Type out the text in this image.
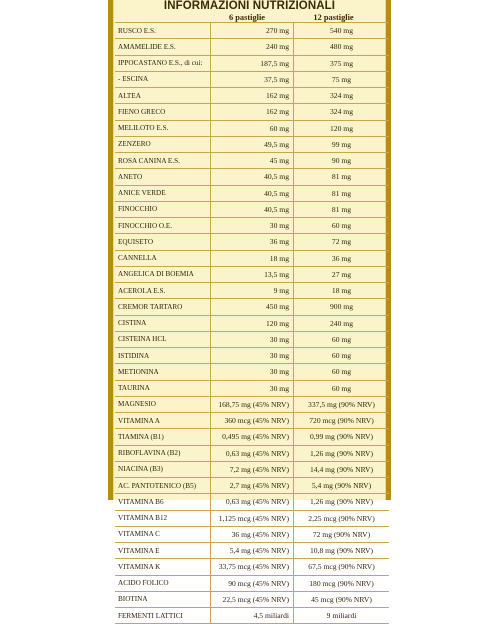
INFORMAZIONI NUTRIZIONALI
6 pastiglie	12 pastiglie
RUSCO E.S.	270 mg	540 mg
AMAMELIDE E.S.	240 mg	480 mg
IPPOCASTANO E.S., di cui:	187,5 mg	375 mg
- ESCINA	37,5 mg	75 mg
ALTEA	162 mg	324 mg
FIENO GRECO	162 mg	324 mg
MELILOTO E.S.	60 mg	120 mg
ZENZERO	49,5 mg	99 mg
ROSA CANINA E.S.	45 mg	90 mg
ANETO	40,5 mg	81 mg
ANICE VERDE	40,5 mg	81 mg
FINOCCHIO	40,5 mg	81 mg
FINOCCHIO O.E.	30 mg	60 mg
EQUISETO	36 mg	72 mg
CANNELLA	18 mg	36 mg
ANGELICA DI BOEMIA	13,5 mg	27 mg
ACEROLA E.S.	9 mg	18 mg
CREMOR TARTARO	450 mg	900 mg
CISTINA	120 mg	240 mg
CISTEINA HCL	30 mg	60 mg
ISTIDINA	30 mg	60 mg
METIONINA	30 mg	60 mg
TAURINA	30 mg	60 mg
MAGNESIO	168,75 mg (45% NRV)	337,5 mg (90% NRV)
VITAMINA A	360 mcg (45% NRV)	720 mcg (90% NRV)
TIAMINA (B1)	0,495 mg (45% NRV)	0,99 mg (90% NRV)
RIBOFLAVINA (B2)	0,63 mg (45% NRV)	1,26 mg (90% NRV)
NIACINA (B3)	7,2 mg (45% NRV)	14,4 mg (90% NRV)
AC. PANTOTENICO (B5)	2,7 mg (45% NRV)	5,4 mg (90% NRV)
VITAMINA B6	0,63 mg (45% NRV)	1,26 mg (90% NRV)
VITAMINA B12	1,125 mcg (45% NRV)	2,25 mcg (90% NRV)
VITAMINA C	36 mg (45% NRV)	72 mg (90% NRV)
VITAMINA E	5,4 mg (45% NRV)	10,8 mg (90% NRV)
VITAMINA K	33,75 mcg (45% NRV)	67,5 mcg (90% NRV)
ACIDO FOLICO	90 mcg (45% NRV)	180 mcg (90% NRV)
BIOTINA	22,5 mcg (45% NRV)	45 mcg (90% NRV)
FERMENTI LATTICI	4,5 miliardi	9 miliardi
